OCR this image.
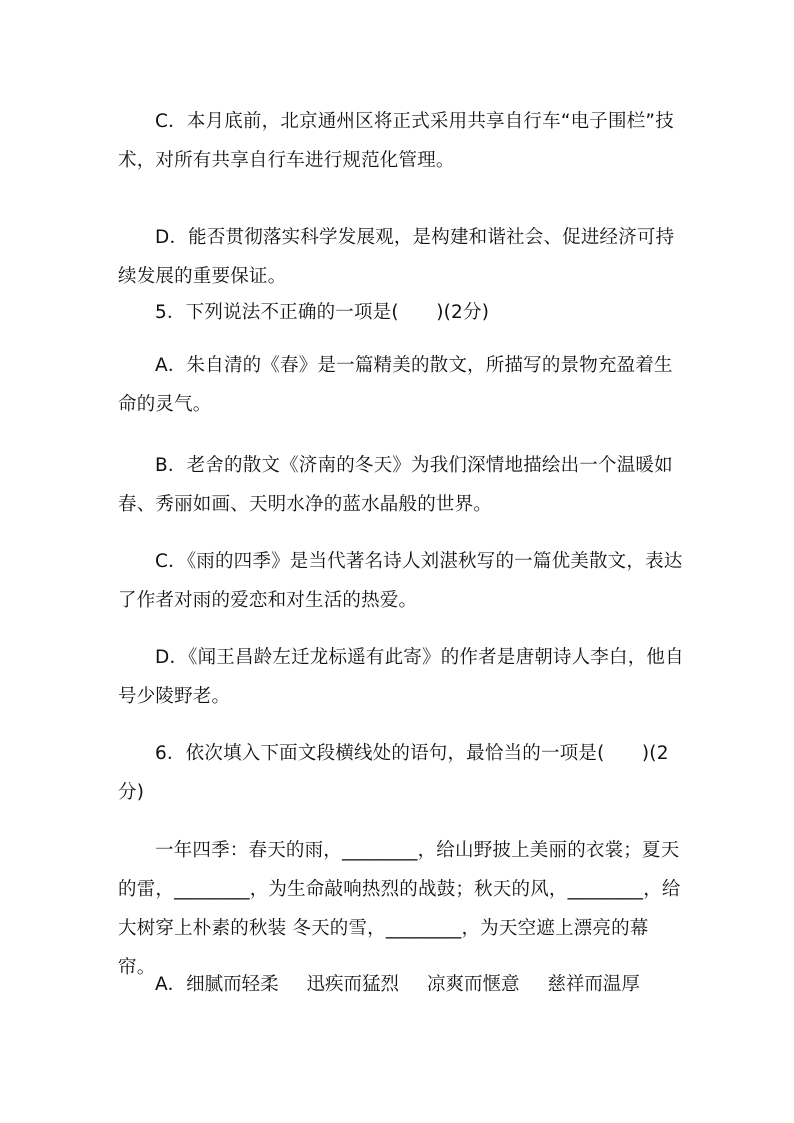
C．本月底前，北京通州区将正式采用共享自行车“电子围栏”技术，对所有共享自行车进行规范化管理。

D．能否贯彻落实科学发展观，是构建和谐社会、促进经济可持续发展的重要保证。

5．下列说法不正确的一项是(　　)(2分)

A．朱自清的《春》是一篇精美的散文，所描写的景物充盈着生命的灵气。

B．老舍的散文《济南的冬天》为我们深情地描绘出一个温暖如春、秀丽如画、天明水净的蓝水晶般的世界。

C．《雨的四季》是当代著名诗人刘湛秋写的一篇优美散文，表达了作者对雨的爱恋和对生活的热爱。

D．《闻王昌龄左迁龙标遥有此寄》的作者是唐朝诗人李白，他自号少陵野老。

6．依次填入下面文段横线处的语句，最恰当的一项是(　　)(2分)

一年四季：春天的雨，________，给山野披上美丽的衣裳；夏天的雷，________，为生命敲响热烈的战鼓；秋天的风，________，给大树穿上朴素的秋装 冬天的雪，________，为天空遮上漂亮的幕帘。

A．细腻而轻柔 迅疾而猛烈 凉爽而惬意 慈祥而温厚
